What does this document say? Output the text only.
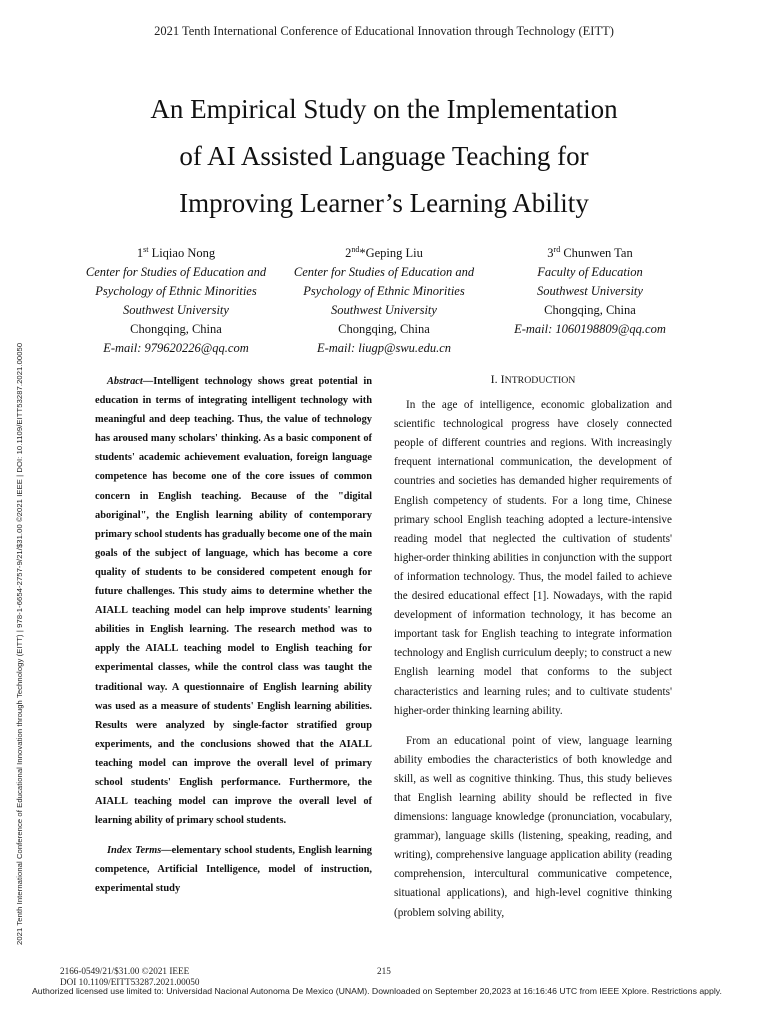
2021 Tenth International Conference of Educational Innovation through Technology (EITT)
2021 Tenth International Conference of Educational Innovation through Technology (EITT) | 978-1-6654-2757-9/21/$31.00 ©2021 IEEE | DOI: 10.1109/EITT53287.2021.00050
An Empirical Study on the Implementation
of AI Assisted Language Teaching for
Improving Learner’s Learning Ability
1st Liqiao Nong
Center for Studies of Education and
Psychology of Ethnic Minorities
Southwest University
Chongqing, China
E-mail: 979620226@qq.com
2nd*Geping Liu
Center for Studies of Education and
Psychology of Ethnic Minorities
Southwest University
Chongqing, China
E-mail: liugp@swu.edu.cn
3rd Chunwen Tan
Faculty of Education
Southwest University
Chongqing, China
E-mail: 1060198809@qq.com

Abstract—Intelligent technology shows great potential in education in terms of integrating intelligent technology with meaningful and deep teaching. Thus, the value of technology has aroused many scholars' thinking. As a basic component of students' academic achievement evaluation, foreign language competence has become one of the core issues of common concern in English teaching. Because of the "digital aboriginal", the English learning ability of contemporary primary school students has gradually become one of the main goals of the subject of language, which has become a core quality of students to be considered competent enough for future challenges. This study aims to determine whether the AIALL teaching model can help improve students' learning abilities in English learning. The research method was to apply the AIALL teaching model to English teaching for experimental classes, while the control class was taught the traditional way. A questionnaire of English learning ability was used as a measure of students' English learning abilities. Results were analyzed by single-factor stratified group experiments, and the conclusions showed that the AIALL teaching model can improve the overall level of primary school students' English performance. Furthermore, the AIALL teaching model can improve the overall level of learning ability of primary school students.

Index Terms—elementary school students, English learning competence, Artificial Intelligence, model of instruction, experimental study

I. INTRODUCTION

In the age of intelligence, economic globalization and scientific technological progress have closely connected people of different countries and regions. With increasingly frequent international communication, the development of countries and societies has demanded higher requirements of English competency of students. For a long time, Chinese primary school English teaching adopted a lecture-intensive reading model that neglected the cultivation of students' higher-order thinking abilities in conjunction with the support of information technology. Thus, the model failed to achieve the desired educational effect [1]. Nowadays, with the rapid development of information technology, it has become an important task for English teaching to integrate information technology and English curriculum deeply; to construct a new English learning model that conforms to the subject characteristics and learning rules; and to cultivate students' higher-order thinking learning ability.

From an educational point of view, language learning ability embodies the characteristics of both knowledge and skill, as well as cognitive thinking. Thus, this study believes that English learning ability should be reflected in five dimensions: language knowledge (pronunciation, vocabulary, grammar), language skills (listening, speaking, reading, and writing), comprehensive language application ability (reading comprehension, intercultural communicative competence, situational applications), and high-level cognitive thinking (problem solving ability,

2166-0549/21/$31.00 ©2021 IEEE
DOI 10.1109/EITT53287.2021.00050
215
Authorized licensed use limited to: Universidad Nacional Autonoma De Mexico (UNAM). Downloaded on September 20,2023 at 16:16:46 UTC from IEEE Xplore. Restrictions apply.
